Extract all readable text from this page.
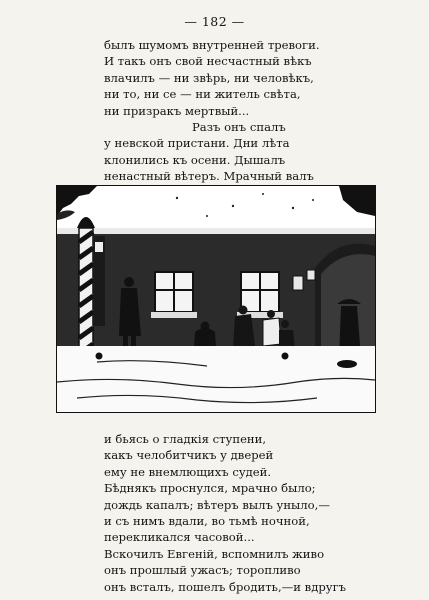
— 182 —
былъ шумомъ внутренней тревоги.
И такъ онъ свой несчастный вѣкъ
влачилъ — ни звѣрь, ни человѣкъ,
ни то, ни се — ни житель свѣта,
ни призракъ мертвый...
Разъ онъ спалъ
у невской пристани. Дни лѣта
клонились къ осени. Дышалъ
ненастный вѣтеръ. Мрачный валъ
и бьясь о гладкія ступени,
какъ челобитчикъ у дверей
ему не внемлющихъ судей.
Бѣднякъ проснулся, мрачно было;
дождь капалъ; вѣтеръ вылъ уныло,—
и съ нимъ вдали, во тьмѣ ночной,
перекликался часовой...
Вскочилъ Евгеній, вспомнилъ живо
онъ прошлый ужасъ; торопливо
онъ всталъ, пошелъ бродить,—и вдругъ
